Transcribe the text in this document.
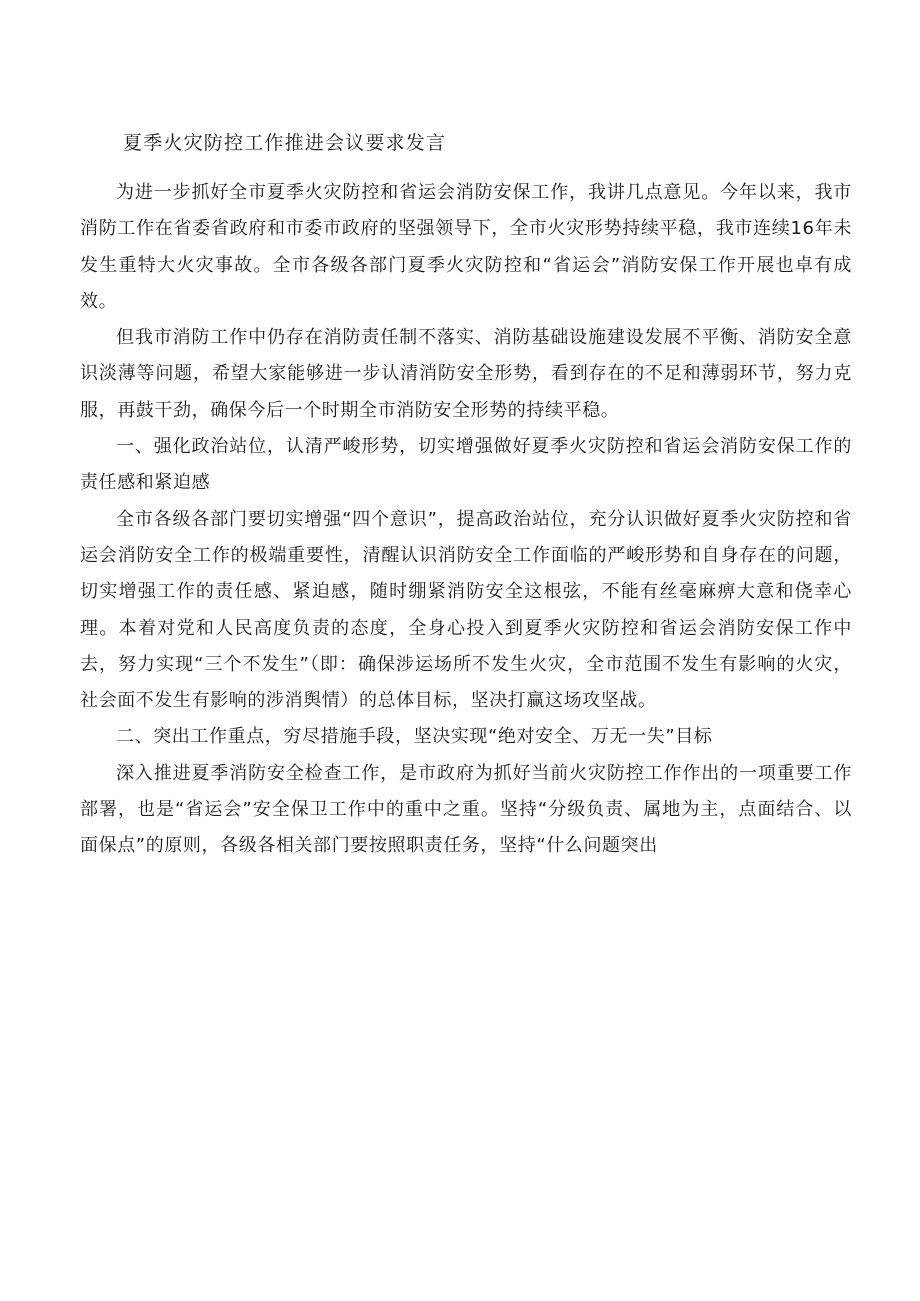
夏季火灾防控工作推进会议要求发言

为进一步抓好全市夏季火灾防控和省运会消防安保工作，我讲几点意见。今年以来，我市消防工作在省委省政府和市委市政府的坚强领导下，全市火灾形势持续平稳，我市连续16年未发生重特大火灾事故。全市各级各部门夏季火灾防控和“省运会”消防安保工作开展也卓有成效。

但我市消防工作中仍存在消防责任制不落实、消防基础设施建设发展不平衡、消防安全意识淡薄等问题，希望大家能够进一步认清消防安全形势，看到存在的不足和薄弱环节，努力克服，再鼓干劲，确保今后一个时期全市消防安全形势的持续平稳。

一、强化政治站位，认清严峻形势，切实增强做好夏季火灾防控和省运会消防安保工作的责任感和紧迫感

全市各级各部门要切实增强“四个意识”，提高政治站位，充分认识做好夏季火灾防控和省运会消防安全工作的极端重要性，清醒认识消防安全工作面临的严峻形势和自身存在的问题，切实增强工作的责任感、紧迫感，随时绷紧消防安全这根弦，不能有丝毫麻痹大意和侥幸心理。本着对党和人民高度负责的态度，全身心投入到夏季火灾防控和省运会消防安保工作中去，努力实现“三个不发生”（即：确保涉运场所不发生火灾，全市范围不发生有影响的火灾，社会面不发生有影响的涉消舆情）的总体目标，坚决打赢这场攻坚战。

二、突出工作重点，穷尽措施手段，坚决实现“绝对安全、万无一失”目标

深入推进夏季消防安全检查工作，是市政府为抓好当前火灾防控工作作出的一项重要工作部署，也是“省运会”安全保卫工作中的重中之重。坚持“分级负责、属地为主，点面结合、以面保点”的原则，各级各相关部门要按照职责任务，坚持“什么问题突出
